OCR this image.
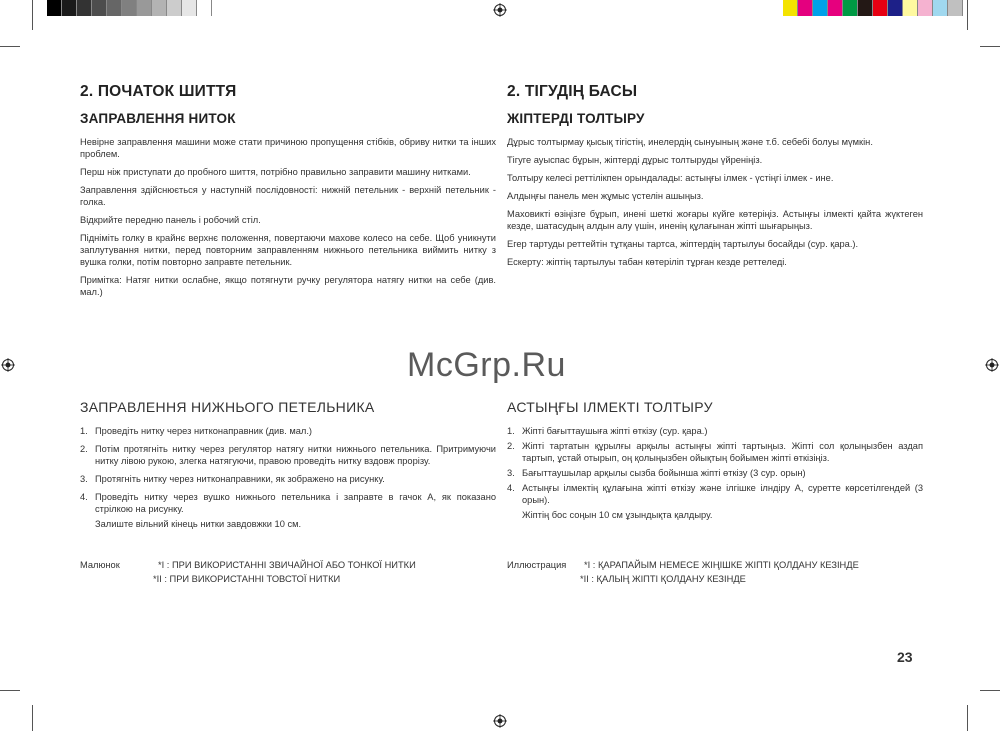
2. ПОЧАТОК ШИТТЯ
ЗАПРАВЛЕННЯ НИТОК

Невірне заправлення машини може стати причиною пропущення стібків, обриву нитки та інших проблем.

Перш ніж приступати до пробного шиття, потрібно правильно заправити машину нитками.

Заправлення здійснюється у наступній послідовності: нижній петельник - верхній петельник - голка.

Відкрийте передню панель і робочий стіл.

Підніміть голку в крайнє верхнє положення, повертаючи махове колесо на себе. Щоб уникнути заплутування нитки, перед повторним заправленням нижнього петельника виймить нитку з вушка голки, потім повторно заправте петельник.

Примітка: Натяг нитки ослабне, якщо потягнути ручку регулятора натягу нитки на себе (див. мал.)

ЗАПРАВЛЕННЯ НИЖНЬОГО ПЕТЕЛЬНИКА
1. Проведіть нитку через нитконаправник (див. мал.)
2. Потім протягніть нитку через регулятор натягу нитки нижнього петельника. Притримуючи нитку лівою рукою, злегка натягуючи, правою проведіть нитку вздовж прорізу.
3. Протягніть нитку через нитконаправники, як зображено на рисунку.
4. Проведіть нитку через вушко нижнього петельника і заправте в гачок A, як показано стрілкою на рисунку.
Залиште вільний кінець нитки завдовжки 10 см.
Малюнок	*I : ПРИ ВИКОРИСТАННІ ЗВИЧАЙНОЇ АБО ТОНКОЇ НИТКИ
*II : ПРИ ВИКОРИСТАННІ ТОВСТОЇ НИТКИ
2. ТІГУДІҢ БАСЫ
ЖІПТЕРДІ ТОЛТЫРУ

Дұрыс толтырмау қысық тігістің, инелердің сынуының және т.б. себебі болуы мүмкін.

Тігуге ауыспас бұрын, жіптерді дұрыс толтыруды үйреніңіз.

Толтыру келесі реттілікпен орындалады: астыңғы ілмек - үстіңгі ілмек - ине.

Алдыңғы панель мен жұмыс үстелін ашыңыз.

Маховикті өзіңізге бұрып, инені шеткі жоғары күйге көтеріңіз. Астыңғы ілмекті қайта жүктеген кезде, шатасудың алдын алу үшін, иненің құлағынан жіпті шығарыңыз.

Егер тартуды реттейтін тұтқаны тартса, жіптердің тартылуы босайды (сур. қара.).

Ескерту: жіптің тартылуы табан көтеріліп тұрған кезде реттеледі.

АСТЫҢҒЫ ІЛМЕКТІ ТОЛТЫРУ
1. Жіпті бағыттаушыға жіпті өткізу (сур. қара.)
2. Жіпті тартатын құрылғы арқылы астыңғы жіпті тартыңыз. Жіпті сол қолыңызбен аздап тартып, ұстай отырып, оң қолыңызбен ойықтың бойымен жіпті өткізіңіз.
3. Бағыттаушылар арқылы сызба бойынша жіпті өткізу (3 сур. орын)
4. Астыңғы ілмектің құлағына жіпті өткізу және ілгішке ілндіру A, суретте көрсетілгендей (3 орын).
Жіптің бос соңын 10 см ұзындықта қалдыру.
Иллюстрация *I : ҚАРАПАЙЫМ НЕМЕСЕ ЖІҢІШКЕ ЖІПТІ ҚОЛДАНУ КЕЗІНДЕ
*II : ҚАЛЫҢ ЖІПТІ ҚОЛДАНУ КЕЗІНДЕ
McGrp.Ru
23
